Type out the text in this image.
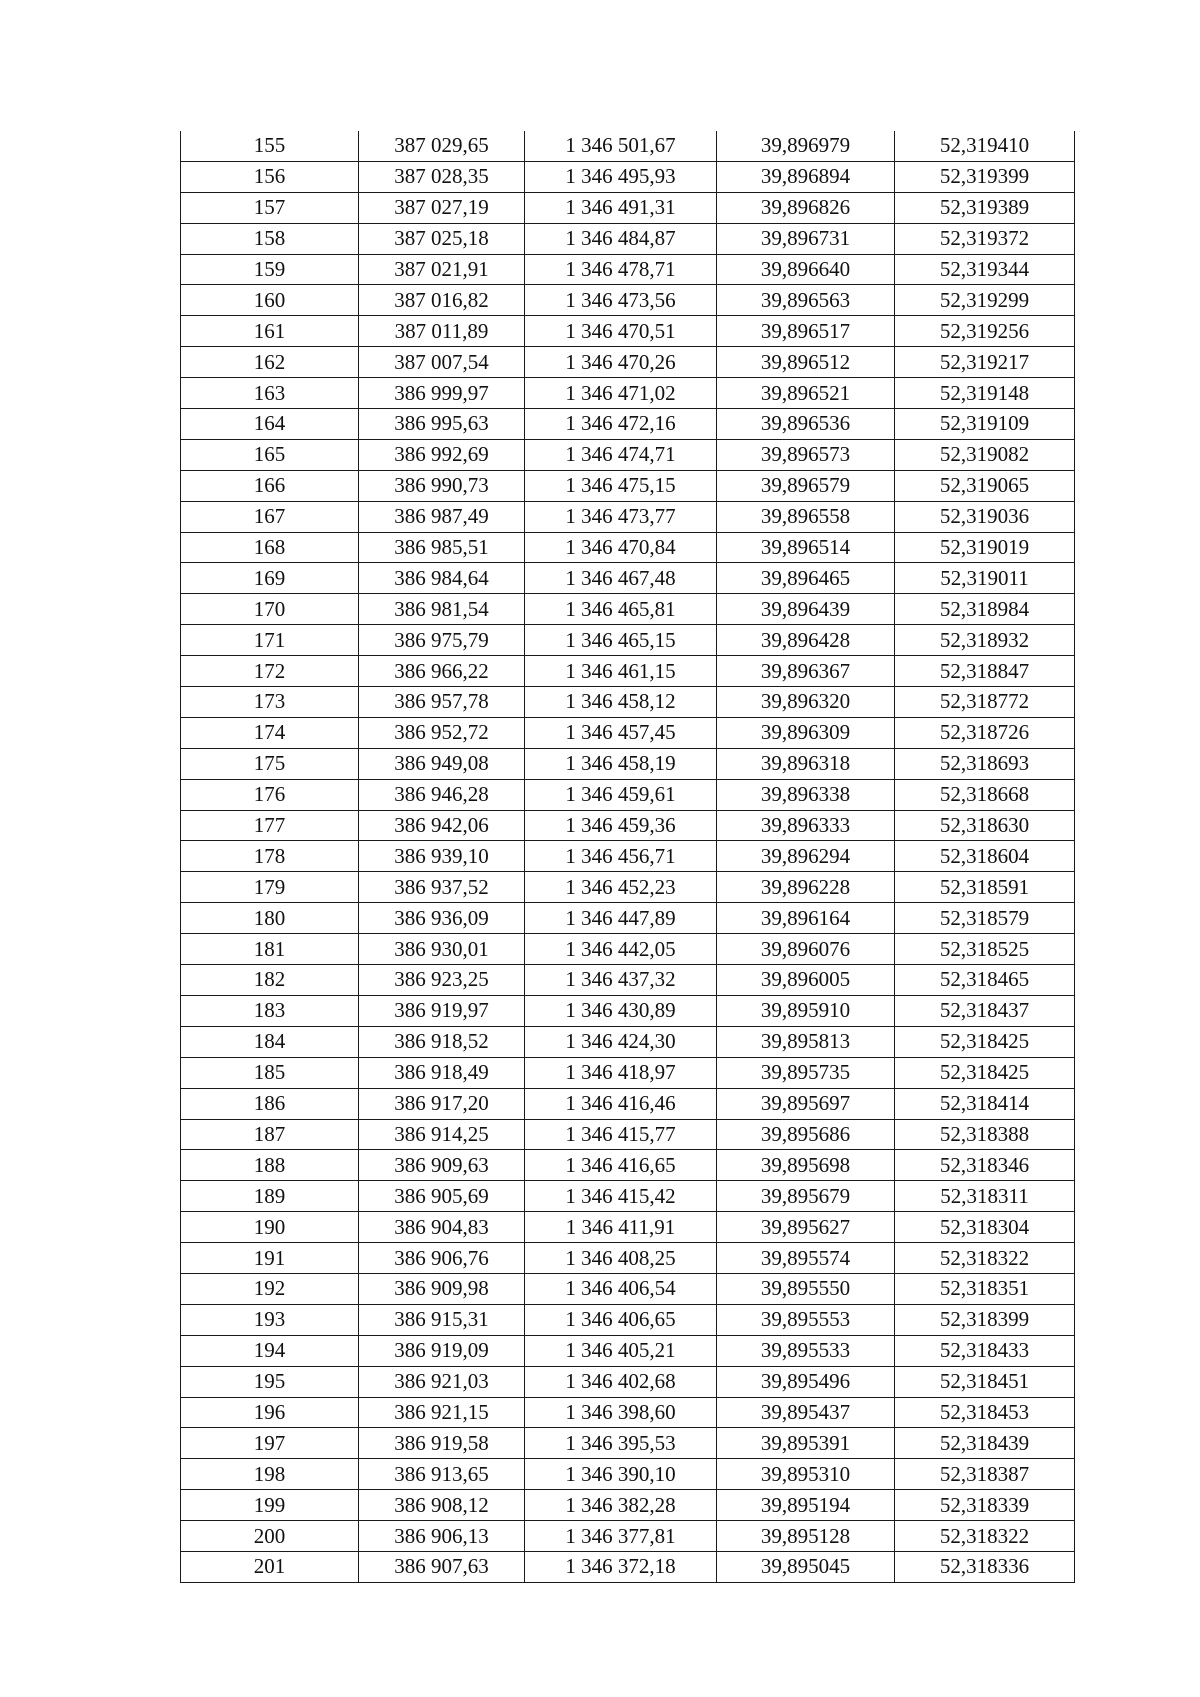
155	387 029,65	1 346 501,67	39,896979	52,319410
156	387 028,35	1 346 495,93	39,896894	52,319399
157	387 027,19	1 346 491,31	39,896826	52,319389
158	387 025,18	1 346 484,87	39,896731	52,319372
159	387 021,91	1 346 478,71	39,896640	52,319344
160	387 016,82	1 346 473,56	39,896563	52,319299
161	387 011,89	1 346 470,51	39,896517	52,319256
162	387 007,54	1 346 470,26	39,896512	52,319217
163	386 999,97	1 346 471,02	39,896521	52,319148
164	386 995,63	1 346 472,16	39,896536	52,319109
165	386 992,69	1 346 474,71	39,896573	52,319082
166	386 990,73	1 346 475,15	39,896579	52,319065
167	386 987,49	1 346 473,77	39,896558	52,319036
168	386 985,51	1 346 470,84	39,896514	52,319019
169	386 984,64	1 346 467,48	39,896465	52,319011
170	386 981,54	1 346 465,81	39,896439	52,318984
171	386 975,79	1 346 465,15	39,896428	52,318932
172	386 966,22	1 346 461,15	39,896367	52,318847
173	386 957,78	1 346 458,12	39,896320	52,318772
174	386 952,72	1 346 457,45	39,896309	52,318726
175	386 949,08	1 346 458,19	39,896318	52,318693
176	386 946,28	1 346 459,61	39,896338	52,318668
177	386 942,06	1 346 459,36	39,896333	52,318630
178	386 939,10	1 346 456,71	39,896294	52,318604
179	386 937,52	1 346 452,23	39,896228	52,318591
180	386 936,09	1 346 447,89	39,896164	52,318579
181	386 930,01	1 346 442,05	39,896076	52,318525
182	386 923,25	1 346 437,32	39,896005	52,318465
183	386 919,97	1 346 430,89	39,895910	52,318437
184	386 918,52	1 346 424,30	39,895813	52,318425
185	386 918,49	1 346 418,97	39,895735	52,318425
186	386 917,20	1 346 416,46	39,895697	52,318414
187	386 914,25	1 346 415,77	39,895686	52,318388
188	386 909,63	1 346 416,65	39,895698	52,318346
189	386 905,69	1 346 415,42	39,895679	52,318311
190	386 904,83	1 346 411,91	39,895627	52,318304
191	386 906,76	1 346 408,25	39,895574	52,318322
192	386 909,98	1 346 406,54	39,895550	52,318351
193	386 915,31	1 346 406,65	39,895553	52,318399
194	386 919,09	1 346 405,21	39,895533	52,318433
195	386 921,03	1 346 402,68	39,895496	52,318451
196	386 921,15	1 346 398,60	39,895437	52,318453
197	386 919,58	1 346 395,53	39,895391	52,318439
198	386 913,65	1 346 390,10	39,895310	52,318387
199	386 908,12	1 346 382,28	39,895194	52,318339
200	386 906,13	1 346 377,81	39,895128	52,318322
201	386 907,63	1 346 372,18	39,895045	52,318336
